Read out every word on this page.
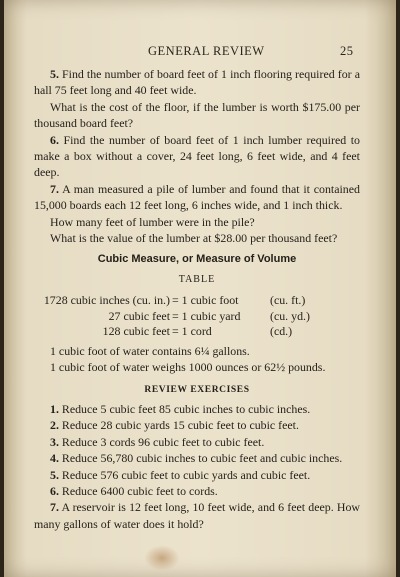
GENERAL REVIEW	25

5. Find the number of board feet of 1 inch flooring required for a hall 75 feet long and 40 feet wide.

What is the cost of the floor, if the lumber is worth $175.00 per thousand board feet?

6. Find the number of board feet of 1 inch lumber required to make a box without a cover, 24 feet long, 6 feet wide, and 4 feet deep.

7. A man measured a pile of lumber and found that it contained 15,000 boards each 12 feet long, 6 inches wide, and 1 inch thick.

How many feet of lumber were in the pile?

What is the value of the lumber at $28.00 per thousand feet?

Cubic Measure, or Measure of Volume
TABLE
1728 cubic inches (cu. in.) = 1 cubic foot	(cu. ft.)
27 cubic feet = 1 cubic yard	(cu. yd.)
128 cubic feet = 1 cord	(cd.)

1 cubic foot of water contains 6¼ gallons.

1 cubic foot of water weighs 1000 ounces or 62½ pounds.

REVIEW EXERCISES

1. Reduce 5 cubic feet 85 cubic inches to cubic inches.

2. Reduce 28 cubic yards 15 cubic feet to cubic feet.

3. Reduce 3 cords 96 cubic feet to cubic feet.

4. Reduce 56,780 cubic inches to cubic feet and cubic inches.

5. Reduce 576 cubic feet to cubic yards and cubic feet.

6. Reduce 6400 cubic feet to cords.

7. A reservoir is 12 feet long, 10 feet wide, and 6 feet deep. How many gallons of water does it hold?
